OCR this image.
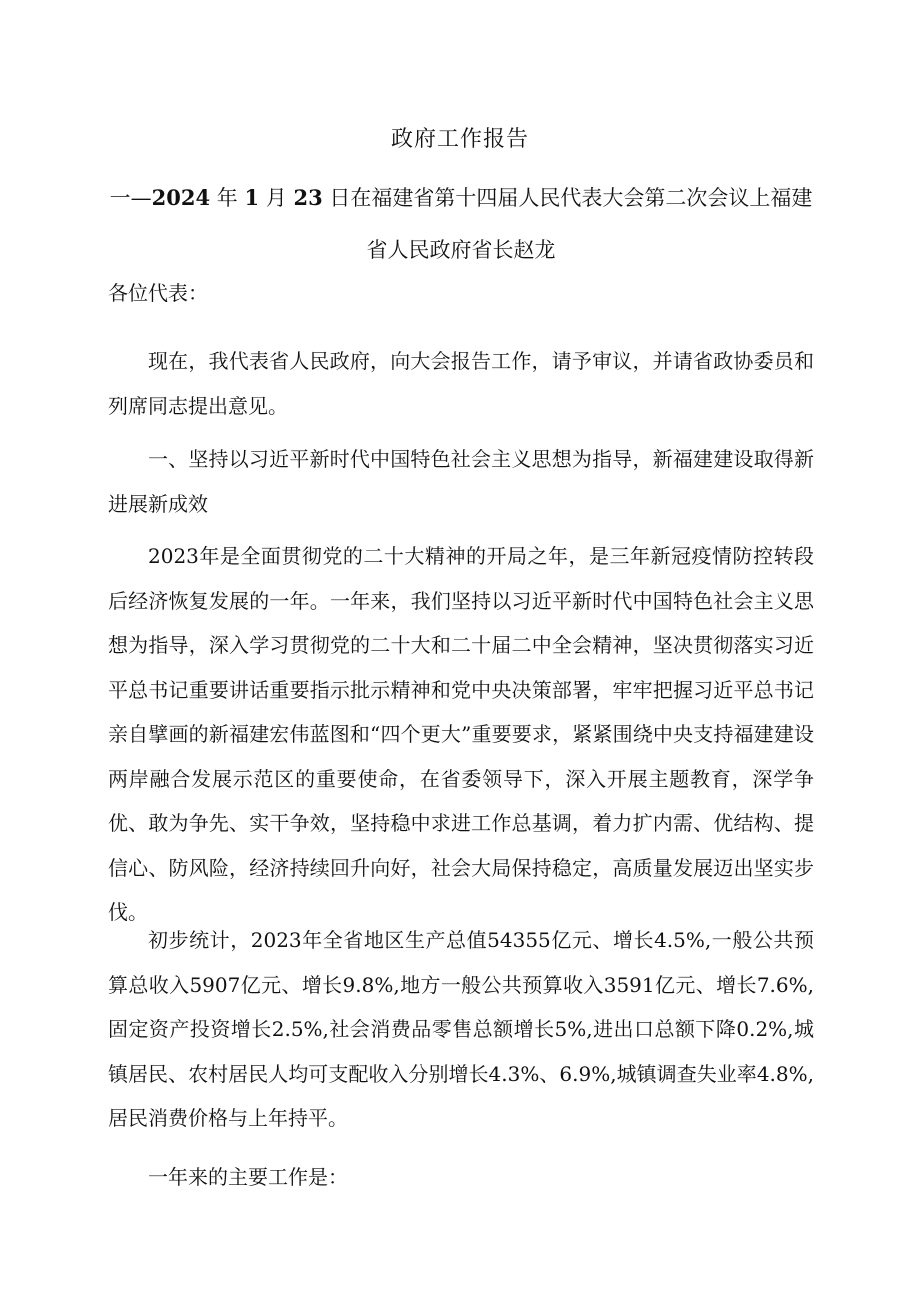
政府工作报告
一—2024 年 1 月 23 日在福建省第十四届人民代表大会第二次会议上福建省人民政府省长赵龙
各位代表：

现在，我代表省人民政府，向大会报告工作，请予审议，并请省政协委员和列席同志提出意见。

一、坚持以习近平新时代中国特色社会主义思想为指导，新福建建设取得新进展新成效

2023年是全面贯彻党的二十大精神的开局之年，是三年新冠疫情防控转段后经济恢复发展的一年。一年来，我们坚持以习近平新时代中国特色社会主义思想为指导，深入学习贯彻党的二十大和二十届二中全会精神，坚决贯彻落实习近平总书记重要讲话重要指示批示精神和党中央决策部署，牢牢把握习近平总书记亲自擘画的新福建宏伟蓝图和“四个更大”重要要求，紧紧围绕中央支持福建建设两岸融合发展示范区的重要使命，在省委领导下，深入开展主题教育，深学争优、敢为争先、实干争效，坚持稳中求进工作总基调，着力扩内需、优结构、提信心、防风险，经济持续回升向好，社会大局保持稳定，高质量发展迈出坚实步伐。

初步统计，2023年全省地区生产总值54355亿元、增长4.5%,一般公共预算总收入5907亿元、增长9.8%,地方一般公共预算收入3591亿元、增长7.6%,固定资产投资增长2.5%,社会消费品零售总额增长5%,进出口总额下降0.2%,城镇居民、农村居民人均可支配收入分别增长4.3%、6.9%,城镇调查失业率4.8%,居民消费价格与上年持平。

一年来的主要工作是：
